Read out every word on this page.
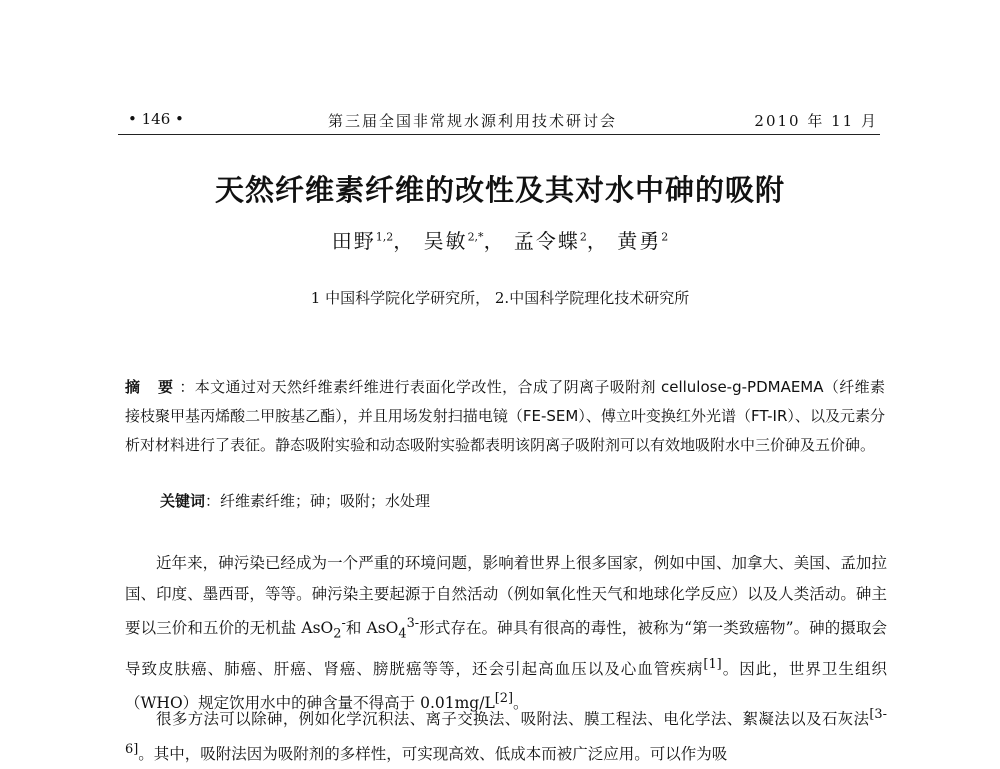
• 146 •	第三届全国非常规水源利用技术研讨会	2010 年 11 月
天然纤维素纤维的改性及其对水中砷的吸附
田野$^{1,2}$， 吴敏$^{2,*}$， 孟令蝶$^2$， 黄勇$^2$
1 中国科学院化学研究所， 2.中国科学院理化技术研究所

摘 要：本文通过对天然纤维素纤维进行表面化学改性，合成了阴离子吸附剂 cellulose-g-PDMAEMA（纤维素接枝聚甲基丙烯酸二甲胺基乙酯），并且用场发射扫描电镜（FE-SEM）、傅立叶变换红外光谱（FT-IR）、以及元素分析对材料进行了表征。静态吸附实验和动态吸附实验都表明该阴离子吸附剂可以有效地吸附水中三价砷及五价砷。

关键词：纤维素纤维；砷；吸附；水处理

近年来，砷污染已经成为一个严重的环境问题，影响着世界上很多国家，例如中国、加拿大、美国、孟加拉国、印度、墨西哥，等等。砷污染主要起源于自然活动（例如氧化性天气和地球化学反应）以及人类活动。砷主要以三价和五价的无机盐 AsO$_2$-和 AsO$_4^{3-}$形式存在。砷具有很高的毒性，被称为“第一类致癌物”。砷的摄取会导致皮肤癌、肺癌、肝癌、肾癌、膀胱癌等等，还会引起高血压以及心血管疾病[1]。因此，世界卫生组织（WHO）规定饮用水中的砷含量不得高于 0.01mg/L[2]。

很多方法可以除砷，例如化学沉积法、离子交换法、吸附法、膜工程法、电化学法、絮凝法以及石灰法[3-6]。其中，吸附法因为吸附剂的多样性，可实现高效、低成本而被广泛应用。可以作为吸
